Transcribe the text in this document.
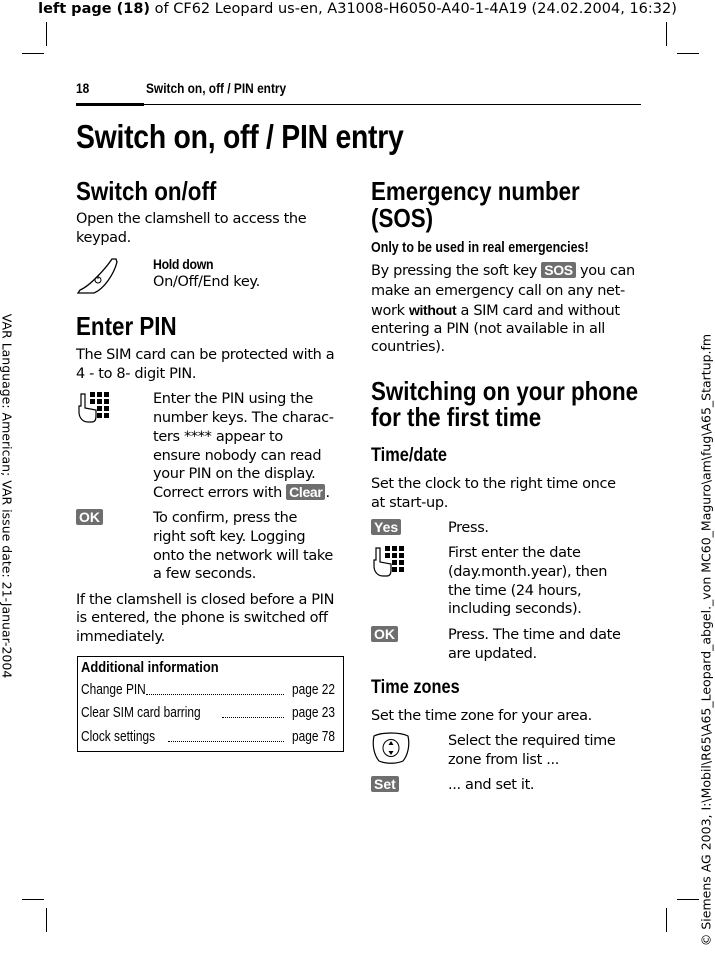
left page (18) of CF62 Leopard us-en, A31008-H6050-A40-1-4A19 (24.02.2004, 16:32)
VAR Language: American; VAR issue date: 21-Januar-2004	© Siemens AG 2003, I:\Mobil\R65\A65_Leopard_abgel._von MC60_Maguro\am\fug\A65_Startup.fm
18	Switch on, off / PIN entry
Switch on, off / PIN entry
Switch on/off
Open the clamshell to access the
keypad.
Hold down
On/Off/End key.
Enter PIN
The SIM card can be protected with a
4 - to 8- digit PIN.
Enter the PIN using the
number keys. The charac-
ters **** appear to
ensure nobody can read
your PIN on the display.
Correct errors with Clear .
OK	To confirm, press the
right soft key. Logging
onto the network will take
a few seconds.
If the clamshell is closed before a PIN
is entered, the phone is switched off
immediately.
Additional information
Change PIN	page 22
Clear SIM card barring	page 23
Clock settings	page 78
Emergency number
(SOS)
Only to be used in real emergencies!
By pressing the soft key SOS you can
make an emergency call on any net-
work without a SIM card and without
entering a PIN (not available in all
countries).
Switching on your phone
for the first time
Time/date
Set the clock to the right time once
at start-up.
Yes	Press.
First enter the date
(day.month.year), then
the time (24 hours,
including seconds).
OK	Press. The time and date
are updated.
Time zones
Set the time zone for your area.
Select the required time
zone from list ...
Set	... and set it.
